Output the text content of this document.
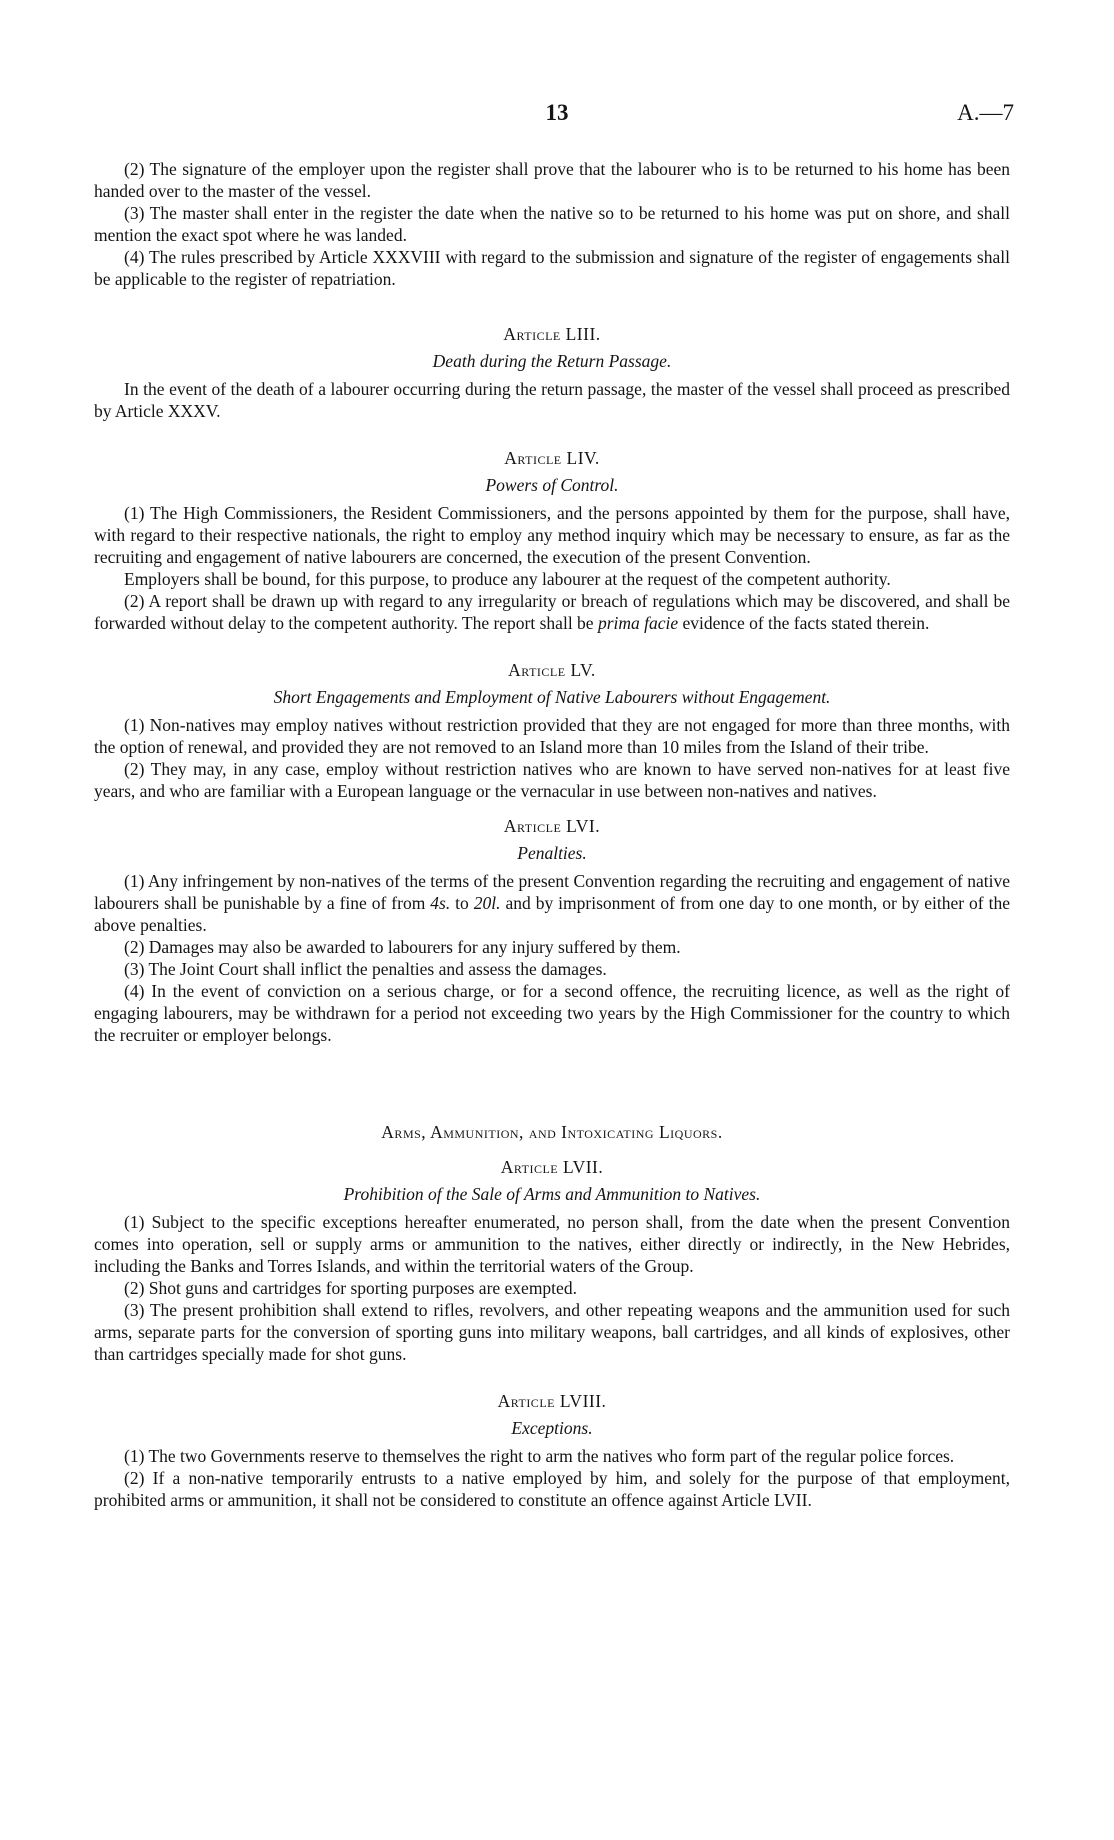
13	A.—7

(2) The signature of the employer upon the register shall prove that the labourer who is to be returned to his home has been handed over to the master of the vessel.

(3) The master shall enter in the register the date when the native so to be returned to his home was put on shore, and shall mention the exact spot where he was landed.

(4) The rules prescribed by Article XXXVIII with regard to the submission and signature of the register of engagements shall be applicable to the register of repatriation.

Article LIII.
Death during the Return Passage.

In the event of the death of a labourer occurring during the return passage, the master of the vessel shall proceed as prescribed by Article XXXV.

Article LIV.
Powers of Control.

(1) The High Commissioners, the Resident Commissioners, and the persons appointed by them for the purpose, shall have, with regard to their respective nationals, the right to employ any method inquiry which may be necessary to ensure, as far as the recruiting and engagement of native labourers are concerned, the execution of the present Convention.

Employers shall be bound, for this purpose, to produce any labourer at the request of the competent authority.

(2) A report shall be drawn up with regard to any irregularity or breach of regulations which may be discovered, and shall be forwarded without delay to the competent authority. The report shall be prima facie evidence of the facts stated therein.

Article LV.
Short Engagements and Employment of Native Labourers without Engagement.

(1) Non-natives may employ natives without restriction provided that they are not engaged for more than three months, with the option of renewal, and provided they are not removed to an Island more than 10 miles from the Island of their tribe.

(2) They may, in any case, employ without restriction natives who are known to have served non-natives for at least five years, and who are familiar with a European language or the vernacular in use between non-natives and natives.

Article LVI.
Penalties.

(1) Any infringement by non-natives of the terms of the present Convention regarding the recruiting and engagement of native labourers shall be punishable by a fine of from 4s. to 20l. and by imprisonment of from one day to one month, or by either of the above penalties.

(2) Damages may also be awarded to labourers for any injury suffered by them.

(3) The Joint Court shall inflict the penalties and assess the damages.

(4) In the event of conviction on a serious charge, or for a second offence, the recruiting licence, as well as the right of engaging labourers, may be withdrawn for a period not exceeding two years by the High Commissioner for the country to which the recruiter or employer belongs.

Arms, Ammunition, and Intoxicating Liquors.
Article LVII.
Prohibition of the Sale of Arms and Ammunition to Natives.

(1) Subject to the specific exceptions hereafter enumerated, no person shall, from the date when the present Convention comes into operation, sell or supply arms or ammunition to the natives, either directly or indirectly, in the New Hebrides, including the Banks and Torres Islands, and within the territorial waters of the Group.

(2) Shot guns and cartridges for sporting purposes are exempted.

(3) The present prohibition shall extend to rifles, revolvers, and other repeating weapons and the ammunition used for such arms, separate parts for the conversion of sporting guns into military weapons, ball cartridges, and all kinds of explosives, other than cartridges specially made for shot guns.

Article LVIII.
Exceptions.

(1) The two Governments reserve to themselves the right to arm the natives who form part of the regular police forces.

(2) If a non-native temporarily entrusts to a native employed by him, and solely for the purpose of that employment, prohibited arms or ammunition, it shall not be considered to constitute an offence against Article LVII.
